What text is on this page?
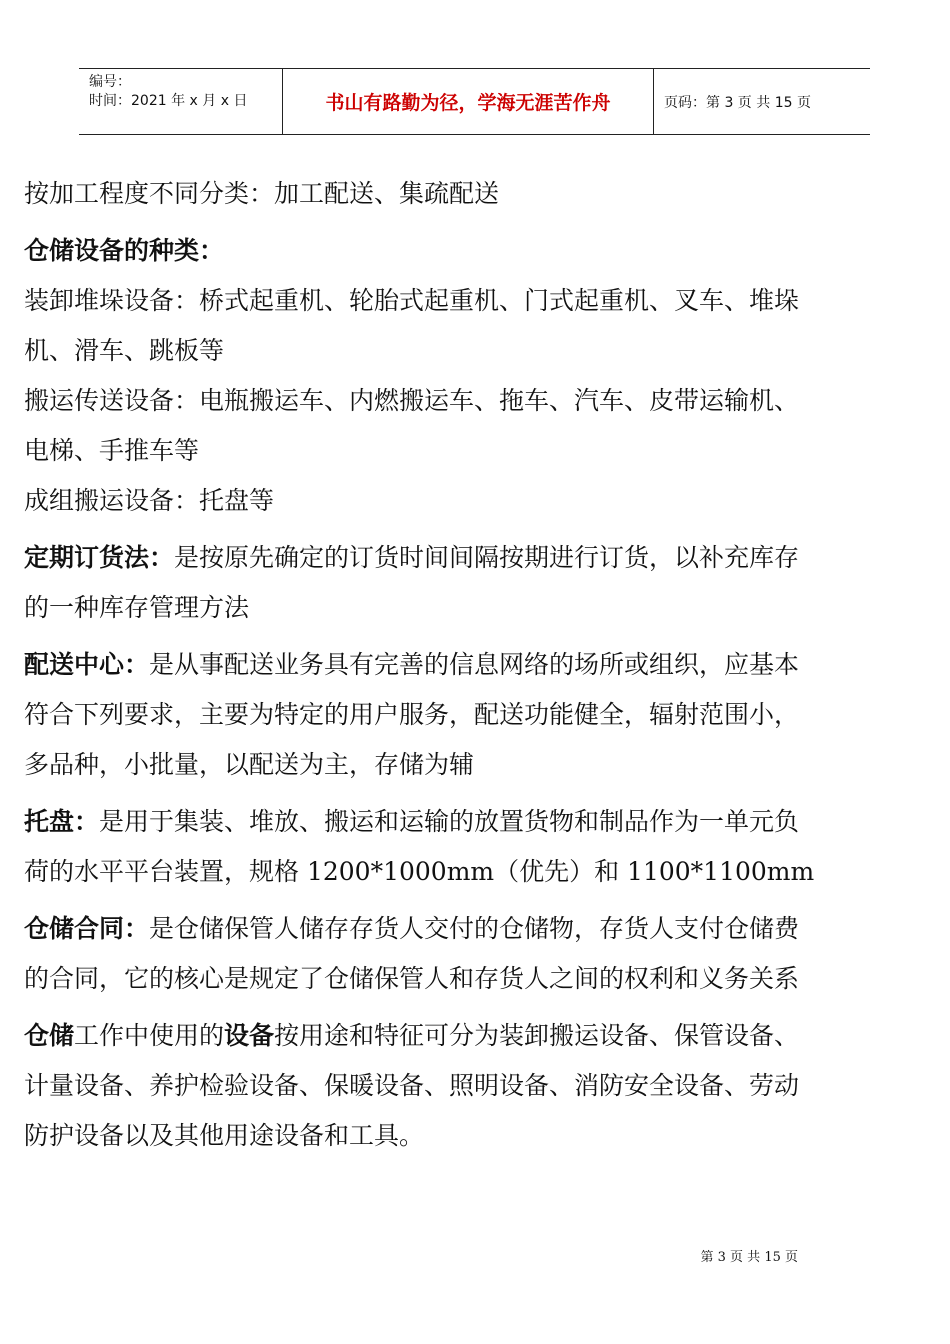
编号：
时间：2021 年 x 月 x 日	书山有路勤为径，学海无涯苦作舟	页码：第 3 页 共 15 页

按加工程度不同分类：加工配送、集疏配送

仓储设备的种类：

装卸堆垛设备：桥式起重机、轮胎式起重机、门式起重机、叉车、堆垛

机、滑车、跳板等

搬运传送设备：电瓶搬运车、内燃搬运车、拖车、汽车、皮带运输机、

电梯、手推车等

成组搬运设备：托盘等

定期订货法：是按原先确定的订货时间间隔按期进行订货，以补充库存

的一种库存管理方法

配送中心：是从事配送业务具有完善的信息网络的场所或组织，应基本

符合下列要求，主要为特定的用户服务，配送功能健全，辐射范围小，

多品种，小批量，以配送为主，存储为辅

托盘：是用于集装、堆放、搬运和运输的放置货物和制品作为一单元负

荷的水平平台装置，规格 1200*1000mm（优先）和 1100*1100mm

仓储合同：是仓储保管人储存存货人交付的仓储物，存货人支付仓储费

的合同，它的核心是规定了仓储保管人和存货人之间的权利和义务关系

仓储工作中使用的设备按用途和特征可分为装卸搬运设备、保管设备、

计量设备、养护检验设备、保暖设备、照明设备、消防安全设备、劳动

防护设备以及其他用途设备和工具。

第 3 页 共 15 页
